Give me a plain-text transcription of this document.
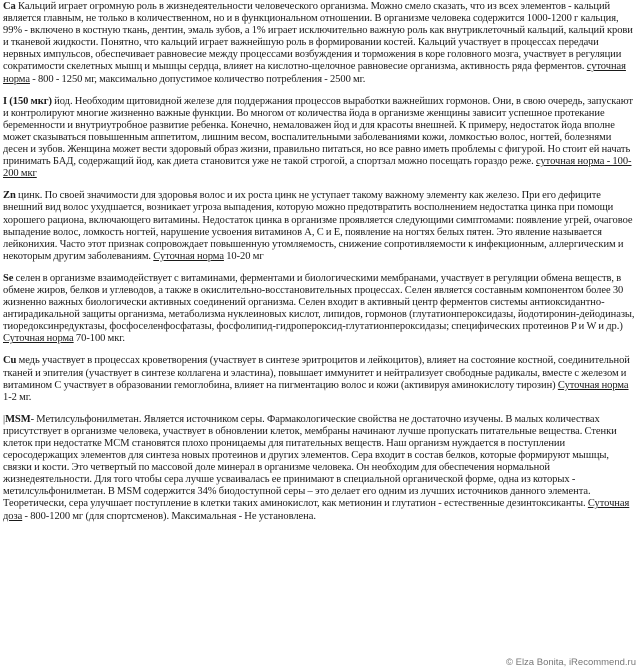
Ca Кальций играет огромную роль в жизнедеятельности человеческого организма. Можно смело сказать, что из всех элементов - кальций является главным, не только в количественном, но и в функциональном отношении. В организме человека содержится 1000-1200 г кальция, 99% - включено в костную ткань, дентин, эмаль зубов, а 1% играет исключительно важную роль как внутриклеточный кальций, кальций крови и тканевой жидкости. Понятно, что кальций играет важнейшую роль в формировании костей. Кальций участвует в процессах передачи нервных импульсов, обеспечивает равновесие между процессами возбуждения и торможения в коре головного мозга, участвует в регуляции сократимости скелетных мышц и мышцы сердца, влияет на кислотно-щелочное равновесие организма, активность ряда ферментов. суточная норма - 800 - 1250 мг, максимально допустимое количество потребления - 2500 мг.

I (150 мкг) йод. Необходим щитовидной железе для поддержания процессов выработки важнейших гормонов. Они, в свою очередь, запускают и контролируют многие жизненно важные функции. Во многом от количества йода в организме женщины зависит успешное протекание беременности и внутриутробное развитие ребенка. Конечно, немаловажен йод и для красоты внешней. К примеру, недостаток йода вполне может сказываться повышенным аппетитом, лишним весом, воспалительными заболеваниями кожи, ломкостью волос, ногтей, болезнями десен и зубов. Женщина может вести здоровый образ жизни, правильно питаться, но все равно иметь проблемы с фигурой. Но стоит ей начать принимать БАД, содержащий йод, как диета становится уже не такой строгой, а спортзал можно посещать гораздо реже. суточная норма - 100-200 мкг

Zn цинк. По своей значимости для здоровья волос и их роста цинк не уступает такому важному элементу как железо. При его дефиците внешний вид волос ухудшается, возникает угроза выпадения, которую можно предотвратить восполнением недостатка цинка при помощи хорошего рациона, включающего витамины. Недостаток цинка в организме проявляется следующими симптомами: появление угрей, очаговое выпадение волос, ломкость ногтей, нарушение усвоения витаминов А, С и Е, появление на ногтях белых пятен. Это явление называется лейконихия. Часто этот признак сопровождает повышенную утомляемость, снижение сопротивляемости к инфекционным, аллергическим и некоторым другим заболеваниям. Суточная норма 10-20 мг

Se селен в организме взаимодействует с витаминами, ферментами и биологическими мембранами, участвует в регуляции обмена веществ, в обмене жиров, белков и углеводов, а также в окислительно-восстановительных процессах. Селен является составным компонентом более 30 жизненно важных биологически активных соединений организма. Селен входит в активный центр ферментов системы антиоксидантно-антирадикальной защиты организма, метаболизма нуклеиновых кислот, липидов, гормонов (глутатионпероксидазы, йодотиронин-дейодиназы, тиоредоксинредуктазы, фосфоселенфосфатазы, фосфолипид-гидропероксид-глутатионпероксидазы; специфических протеинов P и W и др.) Суточная норма 70-100 мкг.

Cu медь участвует в процессах кроветворения (участвует в синтезе эритроцитов и лейкоцитов), влияет на состояние костной, соединительной тканей и эпителия (участвует в синтезе коллагена и эластина), повышает иммунитет и нейтрализует свободные радикалы, вместе с железом и витамином С участвует в образовании гемоглобина, влияет на пигментацию волос и кожи (активируя аминокислоту тирозин) Суточная норма 1-2 мг.

|MSM- Метилсульфонилметан. Является источником серы. Фармакологические свойства не достаточно изучены. В малых количествах присутствует в организме человека, участвует в обновлении клеток, мембраны начинают лучше пропускать питательные вещества. Стенки клеток при недостатке МСМ становятся плохо проницаемы для питательных веществ. Наш организм нуждается в поступлении серосодержащих элементов для синтеза новых протеинов и других элементов. Сера входит в состав белков, которые формируют мышцы, связки и кости. Это четвертый по массовой доле минерал в организме человека. Он необходим для обеспечения нормальной жизнедеятельности. Для того чтобы сера лучше усваивалась ее принимают в специальной органической форме, одна из которых - метилсульфонилметан. В MSM содержится 34% биодоступной серы – это делает его одним из лучших источников данного элемента. Теоретически, сера улучшает поступление в клетки таких аминокислот, как метионин и глутатион - естественные дезинтоксиканты. Суточная доза - 800-1200 мг (для спортсменов). Максимальная - Не установлена.

© Elza Bonita, iRecommend.ru
